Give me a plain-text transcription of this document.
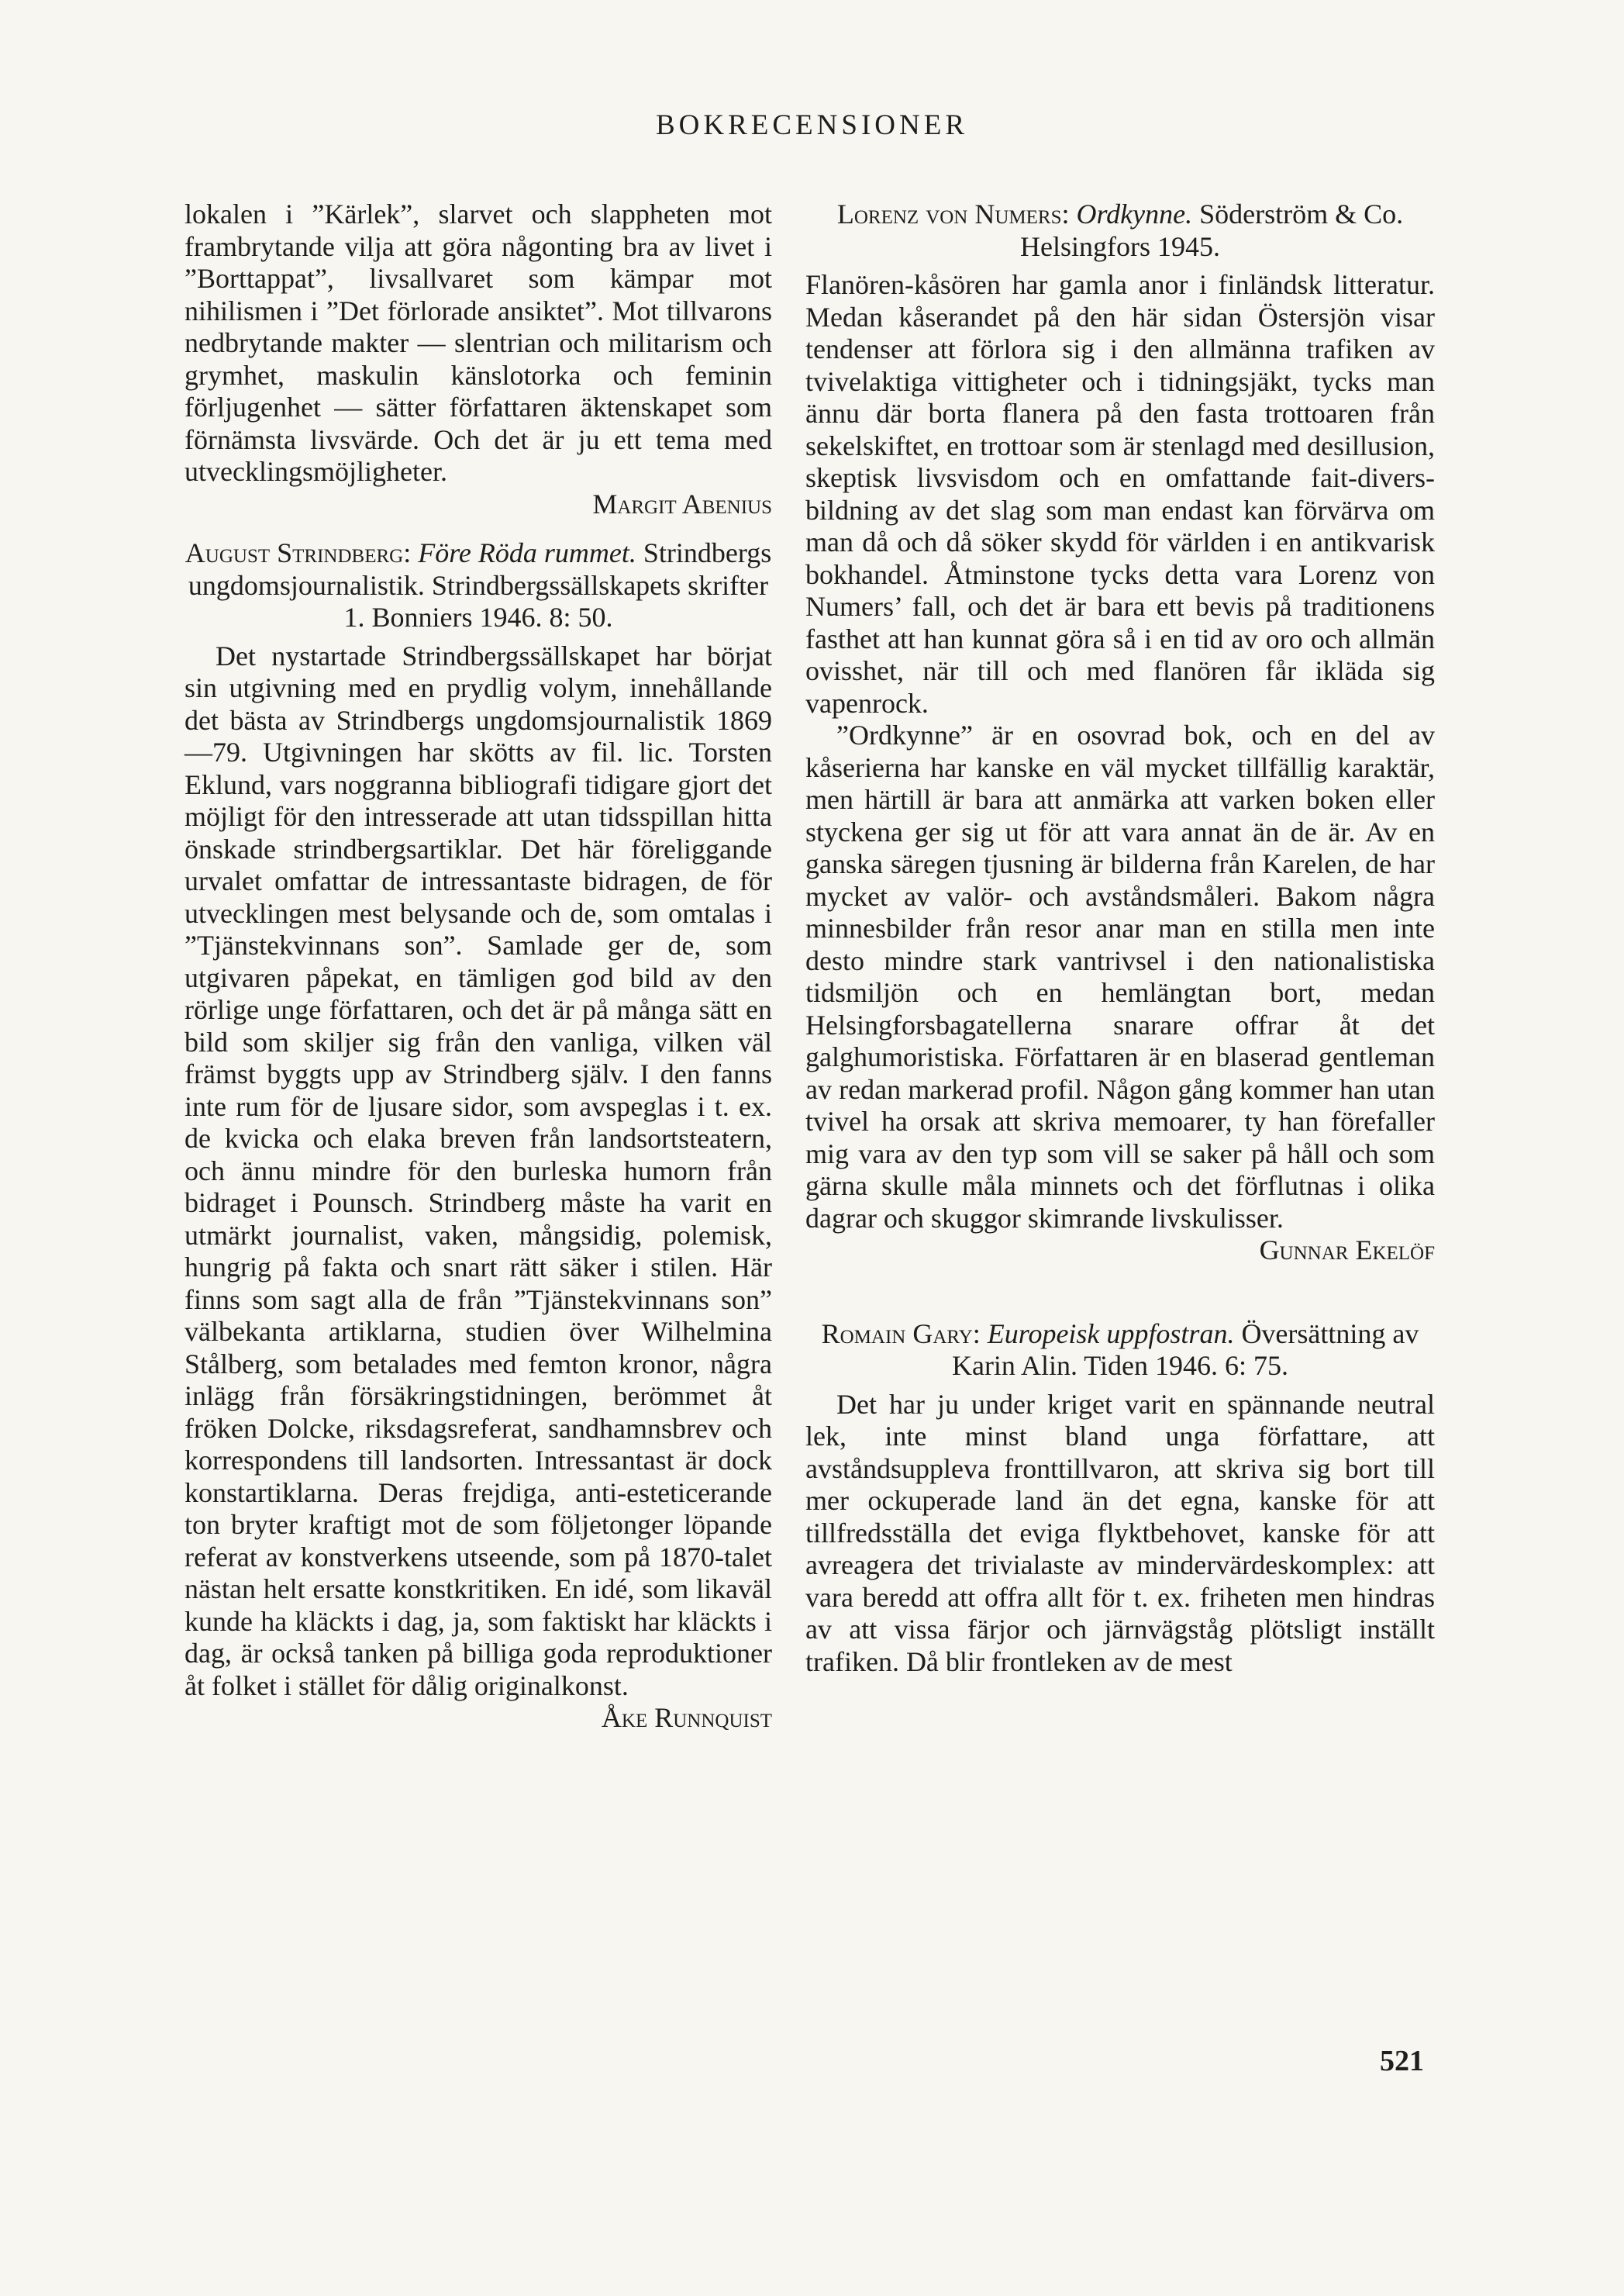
BOKRECENSIONER

lokalen i ”Kärlek”, slarvet och slappheten mot frambrytande vilja att göra någonting bra av livet i ”Borttappat”, livsallvaret som kämpar mot nihilismen i ”Det förlorade ansiktet”. Mot tillvarons nedbrytande makter — slentrian och militarism och grymhet, maskulin känslotorka och feminin förljugenhet — sätter författaren äktenskapet som förnämsta livsvärde. Och det är ju ett tema med utvecklingsmöjligheter.

Margit Abenius
August Strindberg: Före Röda rummet. Strindbergs ungdomsjournalistik. Strindbergssällskapets skrifter 1. Bonniers 1946. 8: 50.

Det nystartade Strindbergssällskapet har börjat sin utgivning med en prydlig volym, innehållande det bästa av Strindbergs ungdomsjournalistik 1869—79. Utgivningen har skötts av fil. lic. Torsten Eklund, vars noggranna bibliografi tidigare gjort det möjligt för den intresserade att utan tidsspillan hitta önskade strindbergsartiklar. Det här föreliggande urvalet omfattar de intressantaste bidragen, de för utvecklingen mest belysande och de, som omtalas i ”Tjänstekvinnans son”. Samlade ger de, som utgivaren påpekat, en tämligen god bild av den rörlige unge författaren, och det är på många sätt en bild som skiljer sig från den vanliga, vilken väl främst byggts upp av Strindberg själv. I den fanns inte rum för de ljusare sidor, som avspeglas i t. ex. de kvicka och elaka breven från landsortsteatern, och ännu mindre för den burleska humorn från bidraget i Pounsch. Strindberg måste ha varit en utmärkt journalist, vaken, mångsidig, polemisk, hungrig på fakta och snart rätt säker i stilen. Här finns som sagt alla de från ”Tjänstekvinnans son” välbekanta artiklarna, studien över Wilhelmina Stålberg, som betalades med femton kronor, några inlägg från försäkringstidningen, berömmet åt fröken Dolcke, riksdagsreferat, sandhamnsbrev och korrespondens till landsorten. Intressantast är dock konstartiklarna. Deras frejdiga, anti-esteticerande ton bryter kraftigt mot de som följetonger löpande referat av konstverkens utseende, som på 1870-talet nästan helt ersatte konstkritiken. En idé, som likaväl kunde ha kläckts i dag, ja, som faktiskt har kläckts i dag, är också tanken på billiga goda reproduktioner åt folket i stället för dålig originalkonst.

Åke Runnquist
Lorenz von Numers: Ordkynne. Söderström & Co. Helsingfors 1945.

Flanören-kåsören har gamla anor i finländsk litteratur. Medan kåserandet på den här sidan Östersjön visar tendenser att förlora sig i den allmänna trafiken av tvivelaktiga vittigheter och i tidningsjäkt, tycks man ännu där borta flanera på den fasta trottoaren från sekelskiftet, en trottoar som är stenlagd med desillusion, skeptisk livsvisdom och en omfattande fait-divers-bildning av det slag som man endast kan förvärva om man då och då söker skydd för världen i en antikvarisk bokhandel. Åtminstone tycks detta vara Lorenz von Numers’ fall, och det är bara ett bevis på traditionens fasthet att han kunnat göra så i en tid av oro och allmän ovisshet, när till och med flanören får ikläda sig vapenrock.

”Ordkynne” är en osovrad bok, och en del av kåserierna har kanske en väl mycket tillfällig karaktär, men härtill är bara att anmärka att varken boken eller styckena ger sig ut för att vara annat än de är. Av en ganska säregen tjusning är bilderna från Karelen, de har mycket av valör- och avståndsmåleri. Bakom några minnesbilder från resor anar man en stilla men inte desto mindre stark vantrivsel i den nationalistiska tidsmiljön och en hemlängtan bort, medan Helsingforsbagatellerna snarare offrar åt det galghumoristiska. Författaren är en blaserad gentleman av redan markerad profil. Någon gång kommer han utan tvivel ha orsak att skriva memoarer, ty han förefaller mig vara av den typ som vill se saker på håll och som gärna skulle måla minnets och det förflutnas i olika dagrar och skuggor skimrande livskulisser.

Gunnar Ekelöf
Romain Gary: Europeisk uppfostran. Översättning av Karin Alin. Tiden 1946. 6: 75.

Det har ju under kriget varit en spännande neutral lek, inte minst bland unga författare, att avståndsuppleva fronttillvaron, att skriva sig bort till mer ockuperade land än det egna, kanske för att tillfredsställa det eviga flyktbehovet, kanske för att avreagera det trivialaste av mindervärdeskomplex: att vara beredd att offra allt för t. ex. friheten men hindras av att vissa färjor och järnvägståg plötsligt inställt trafiken. Då blir frontleken av de mest

521
